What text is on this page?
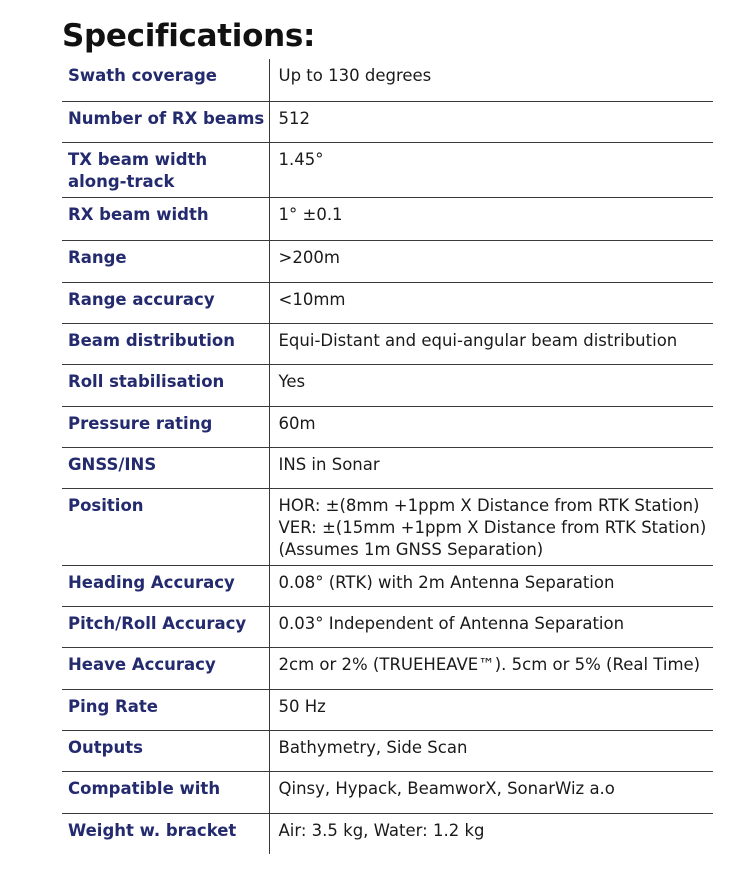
Specifications:
Swath coverage	Up to 130 degrees

Number of RX beams	512

TX beam width along-track	1.45°

RX beam width	1° ±0.1

Range	>200m

Range accuracy	<10mm

Beam distribution	Equi-Distant and equi-angular beam distribution

Roll stabilisation	Yes

Pressure rating	60m

GNSS/INS	INS in Sonar

Position	HOR: ±(8mm +1ppm X Distance from RTK Station)
VER: ±(15mm +1ppm X Distance from RTK Station)
(Assumes 1m GNSS Separation)

Heading Accuracy	0.08° (RTK) with 2m Antenna Separation

Pitch/Roll Accuracy	0.03° Independent of Antenna Separation

Heave Accuracy	2cm or 2% (TRUEHEAVE™). 5cm or 5% (Real Time)

Ping Rate	50 Hz

Outputs	Bathymetry, Side Scan

Compatible with	Qinsy, Hypack, BeamworX, SonarWiz a.o

Weight w. bracket	Air: 3.5 kg, Water: 1.2 kg
